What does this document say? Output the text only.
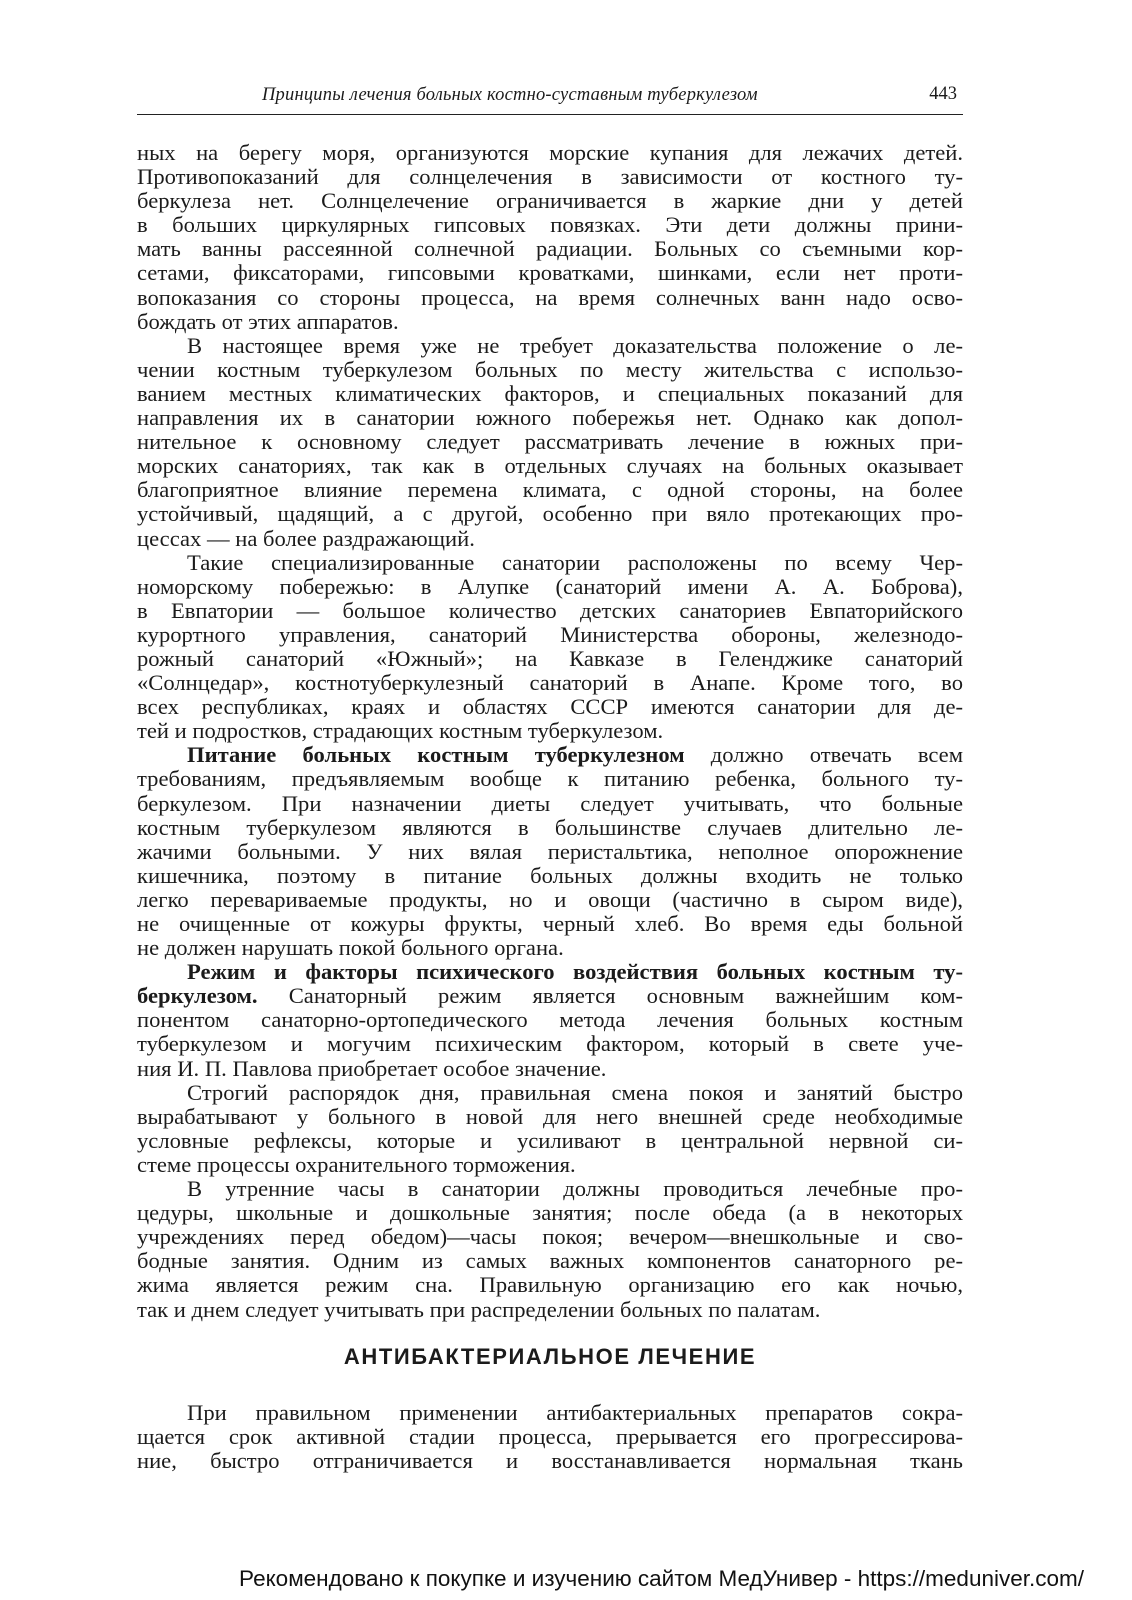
Принципы лечения больных костно-суставным туберкулезом	443

ных на берегу моря, организуются морские купания для лежачих детей.

Противопоказаний для солнцелечения в зависимости от костного ту-

беркулеза нет. Солнцелечение ограничивается в жаркие дни у детей

в больших циркулярных гипсовых повязках. Эти дети должны прини-

мать ванны рассеянной солнечной радиации. Больных со съемными кор-

сетами, фиксаторами, гипсовыми кроватками, шинками, если нет проти-

вопоказания со стороны процесса, на время солнечных ванн надо осво-

бождать от этих аппаратов.

В настоящее время уже не требует доказательства положение о ле-

чении костным туберкулезом больных по месту жительства с использо-

ванием местных климатических факторов, и специальных показаний для

направления их в санатории южного побережья нет. Однако как допол-

нительное к основному следует рассматривать лечение в южных при-

морских санаториях, так как в отдельных случаях на больных оказывает

благоприятное влияние перемена климата, с одной стороны, на более

устойчивый, щадящий, а с другой, особенно при вяло протекающих про-

цессах — на более раздражающий.

Такие специализированные санатории расположены по всему Чер-

номорскому побережью: в Алупке (санаторий имени А. А. Боброва),

в Евпатории — большое количество детских санаториев Евпаторийского

курортного управления, санаторий Министерства обороны, железнодо-

рожный санаторий «Южный»; на Кавказе в Геленджике санаторий

«Солнцедар», костнотуберкулезный санаторий в Анапе. Кроме того, во

всех республиках, краях и областях СССР имеются санатории для де-

тей и подростков, страдающих костным туберкулезом.

Питание больных костным туберкулезном должно отвечать всем

требованиям, предъявляемым вообще к питанию ребенка, больного ту-

беркулезом. При назначении диеты следует учитывать, что больные

костным туберкулезом являются в большинстве случаев длительно ле-

жачими больными. У них вялая перистальтика, неполное опорожнение

кишечника, поэтому в питание больных должны входить не только

легко перевариваемые продукты, но и овощи (частично в сыром виде),

не очищенные от кожуры фрукты, черный хлеб. Во время еды больной

не должен нарушать покой больного органа.

Режим и факторы психического воздействия больных костным ту-

беркулезом. Санаторный режим является основным важнейшим ком-

понентом санаторно-ортопедического метода лечения больных костным

туберкулезом и могучим психическим фактором, который в свете уче-

ния И. П. Павлова приобретает особое значение.

Строгий распорядок дня, правильная смена покоя и занятий быстро

вырабатывают у больного в новой для него внешней среде необходимые

условные рефлексы, которые и усиливают в центральной нервной си-

стеме процессы охранительного торможения.

В утренние часы в санатории должны проводиться лечебные про-

цедуры, школьные и дошкольные занятия; после обеда (а в некоторых

учреждениях перед обедом)—часы покоя; вечером—внешкольные и сво-

бодные занятия. Одним из самых важных компонентов санаторного ре-

жима является режим сна. Правильную организацию его как ночью,

так и днем следует учитывать при распределении больных по палатам.

АНТИБАКТЕРИАЛЬНОЕ ЛЕЧЕНИЕ

При правильном применении антибактериальных препаратов сокра-

щается срок активной стадии процесса, прерывается его прогрессирова-

ние, быстро отграничивается и восстанавливается нормальная ткань

Рекомендовано к покупке и изучению сайтом МедУнивер - https://meduniver.com/
